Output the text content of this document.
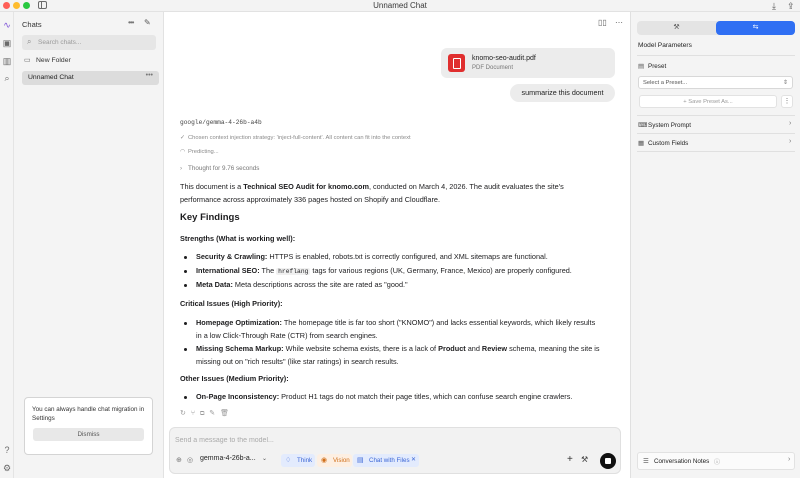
Unnamed Chat	⤓ ⇪
∿
▣
▥
⌕
?
⚙
Chats	••• ✎
⌕
Search chats...
▭ New Folder
Unnamed Chat	•••
You can always handle chat migration in Settings
Dismiss
▯▯ ⋯
knomo-seo-audit.pdf
PDF Document
summarize this document
google/gemma-4-26b-a4b
✓ Chosen context injection strategy: 'inject-full-content'. All content can fit into the context
◠ Predicting...
› Thought for 9.76 seconds
This document is a Technical SEO Audit for knomo.com, conducted on March 4, 2026. The audit evaluates the site's performance across approximately 336 pages hosted on Shopify and Cloudflare.
Key Findings
Strengths (What is working well):
Security & Crawling: HTTPS is enabled, robots.txt is correctly configured, and XML sitemaps are functional.
International SEO: The hreflang tags for various regions (UK, Germany, France, Mexico) are properly configured.
Meta Data: Meta descriptions across the site are rated as "good."
Critical Issues (High Priority):
Homepage Optimization: The homepage title is far too short ("KNOMO") and lacks essential keywords, which likely results in a low Click-Through Rate (CTR) from search engines.
Missing Schema Markup: While website schema exists, there is a lack of Product and Review schema, meaning the site is missing out on "rich results" (like star ratings) in search results.
Other Issues (Medium Priority):
On-Page Inconsistency: Product H1 tags do not match their page titles, which can confuse search engine crawlers.
↻⑂⧉✎🗑
Send a message to the model...
⊕ ◎ gemma-4-26b-a... ⌄	♢ Think	◉ Vision	▤ Chat with Files ✕	+ ⚒
⚒	⇆
Model Parameters
▤ Preset
Select a Preset...	⇕
+ Save Preset As...	⋮
⌨ System Prompt	›
▦ Custom Fields	›
☰ Conversation Notes ⓘ	›
